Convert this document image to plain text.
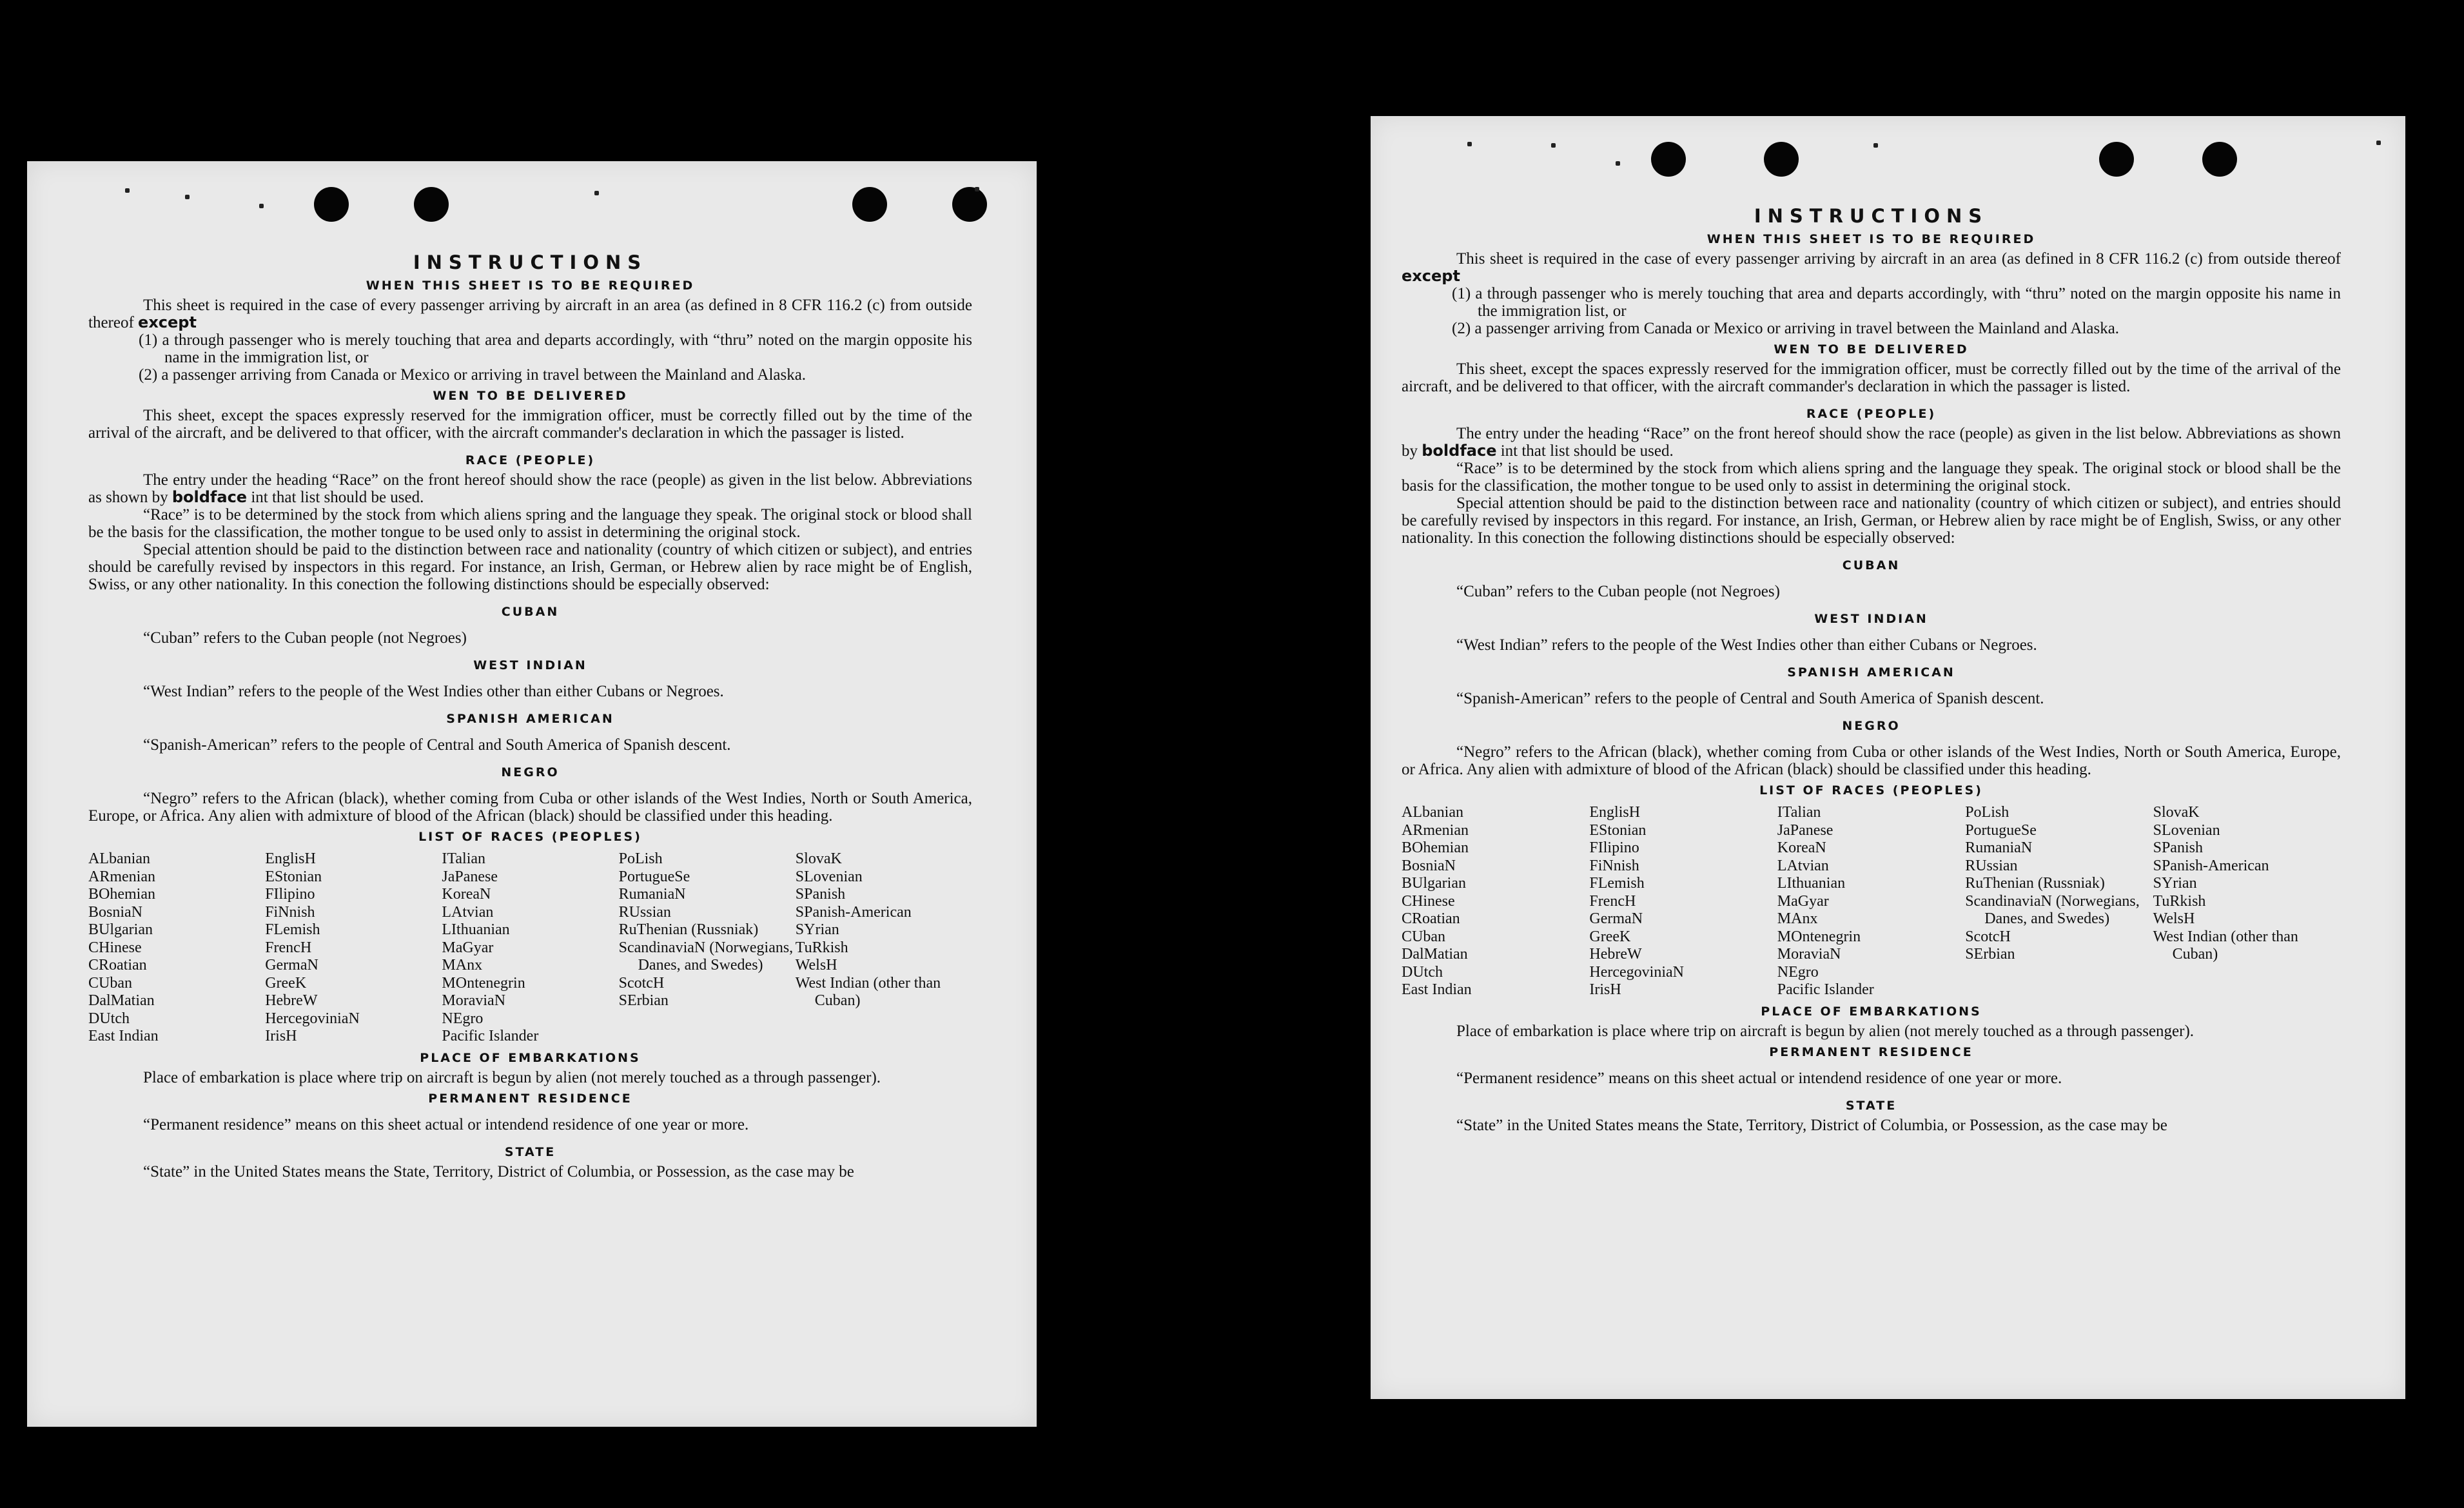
INSTRUCTIONS
WHEN THIS SHEET IS TO BE REQUIRED

This sheet is required in the case of every passenger arriving by aircraft in an area (as defined in 8 CFR 116.2 (c) from outside thereof except

(1) a through passenger who is merely touching that area and departs accordingly, with “thru” noted on the margin opposite his name in the immigration list, or
(2) a passenger arriving from Canada or Mexico or arriving in travel between the Mainland and Alaska.
WEN TO BE DELIVERED

This sheet, except the spaces expressly reserved for the immigration officer, must be correctly filled out by the time of the arrival of the aircraft, and be delivered to that officer, with the aircraft commander's declaration in which the passager is listed.

RACE (PEOPLE)

The entry under the heading “Race” on the front hereof should show the race (people) as given in the list below. Abbreviations as shown by boldface int that list should be used.

“Race” is to be determined by the stock from which aliens spring and the language they speak. The original stock or blood shall be the basis for the classification, the mother tongue to be used only to assist in determining the original stock.

Special attention should be paid to the distinction between race and nationality (country of which citizen or subject), and entries should be carefully revised by inspectors in this regard. For instance, an Irish, German, or Hebrew alien by race might be of English, Swiss, or any other nationality. In this conection the following distinctions should be especially observed:

CUBAN

“Cuban” refers to the Cuban people (not Negroes)

WEST INDIAN

“West Indian” refers to the people of the West Indies other than either Cubans or Negroes.

SPANISH AMERICAN

“Spanish-American” refers to the people of Central and South America of Spanish descent.

NEGRO

“Negro” refers to the African (black), whether coming from Cuba or other islands of the West Indies, North or South America, Europe, or Africa. Any alien with admixture of blood of the African (black) should be classified under this heading.

LIST OF RACES (PEOPLES)
ALbanian
ARmenian
BOhemian
BosniaN
BUlgarian
CHinese
CRoatian
CUban
DalMatian
DUtch
East Indian
EnglisH
EStonian
FIlipino
FiNnish
FLemish
FrencH
GermaN
GreeK
HebreW
HercegoviniaN
IrisH
ITalian
JaPanese
KoreaN
LAtvian
LIthuanian
MaGyar
MAnx
MOntenegrin
MoraviaN
NEgro
Pacific Islander
PoLish
PortugueSe
RumaniaN
RUssian
RuThenian (Russniak)
ScandinaviaN (Norwegians, Danes, and Swedes)
ScotcH
SErbian
SlovaK
SLovenian
SPanish
SPanish-American
SYrian
TuRkish
WelsH
West Indian (other than Cuban)
PLACE OF EMBARKATIONS

Place of embarkation is place where trip on aircraft is begun by alien (not merely touched as a through passenger).

PERMANENT RESIDENCE

“Permanent residence” means on this sheet actual or intendend residence of one year or more.

STATE

“State” in the United States means the State, Territory, District of Columbia, or Possession, as the case may be

INSTRUCTIONS
WHEN THIS SHEET IS TO BE REQUIRED

This sheet is required in the case of every passenger arriving by aircraft in an area (as defined in 8 CFR 116.2 (c) from outside thereof except

(1) a through passenger who is merely touching that area and departs accordingly, with “thru” noted on the margin opposite his name in the immigration list, or
(2) a passenger arriving from Canada or Mexico or arriving in travel between the Mainland and Alaska.
WEN TO BE DELIVERED

This sheet, except the spaces expressly reserved for the immigration officer, must be correctly filled out by the time of the arrival of the aircraft, and be delivered to that officer, with the aircraft commander's declaration in which the passager is listed.

RACE (PEOPLE)

The entry under the heading “Race” on the front hereof should show the race (people) as given in the list below. Abbreviations as shown by boldface int that list should be used.

“Race” is to be determined by the stock from which aliens spring and the language they speak. The original stock or blood shall be the basis for the classification, the mother tongue to be used only to assist in determining the original stock.

Special attention should be paid to the distinction between race and nationality (country of which citizen or subject), and entries should be carefully revised by inspectors in this regard. For instance, an Irish, German, or Hebrew alien by race might be of English, Swiss, or any other nationality. In this conection the following distinctions should be especially observed:

CUBAN

“Cuban” refers to the Cuban people (not Negroes)

WEST INDIAN

“West Indian” refers to the people of the West Indies other than either Cubans or Negroes.

SPANISH AMERICAN

“Spanish-American” refers to the people of Central and South America of Spanish descent.

NEGRO

“Negro” refers to the African (black), whether coming from Cuba or other islands of the West Indies, North or South America, Europe, or Africa. Any alien with admixture of blood of the African (black) should be classified under this heading.

LIST OF RACES (PEOPLES)
ALbanian
ARmenian
BOhemian
BosniaN
BUlgarian
CHinese
CRoatian
CUban
DalMatian
DUtch
East Indian
EnglisH
EStonian
FIlipino
FiNnish
FLemish
FrencH
GermaN
GreeK
HebreW
HercegoviniaN
IrisH
ITalian
JaPanese
KoreaN
LAtvian
LIthuanian
MaGyar
MAnx
MOntenegrin
MoraviaN
NEgro
Pacific Islander
PoLish
PortugueSe
RumaniaN
RUssian
RuThenian (Russniak)
ScandinaviaN (Norwegians, Danes, and Swedes)
ScotcH
SErbian
SlovaK
SLovenian
SPanish
SPanish-American
SYrian
TuRkish
WelsH
West Indian (other than Cuban)
PLACE OF EMBARKATIONS

Place of embarkation is place where trip on aircraft is begun by alien (not merely touched as a through passenger).

PERMANENT RESIDENCE

“Permanent residence” means on this sheet actual or intendend residence of one year or more.

STATE

“State” in the United States means the State, Territory, District of Columbia, or Possession, as the case may be
